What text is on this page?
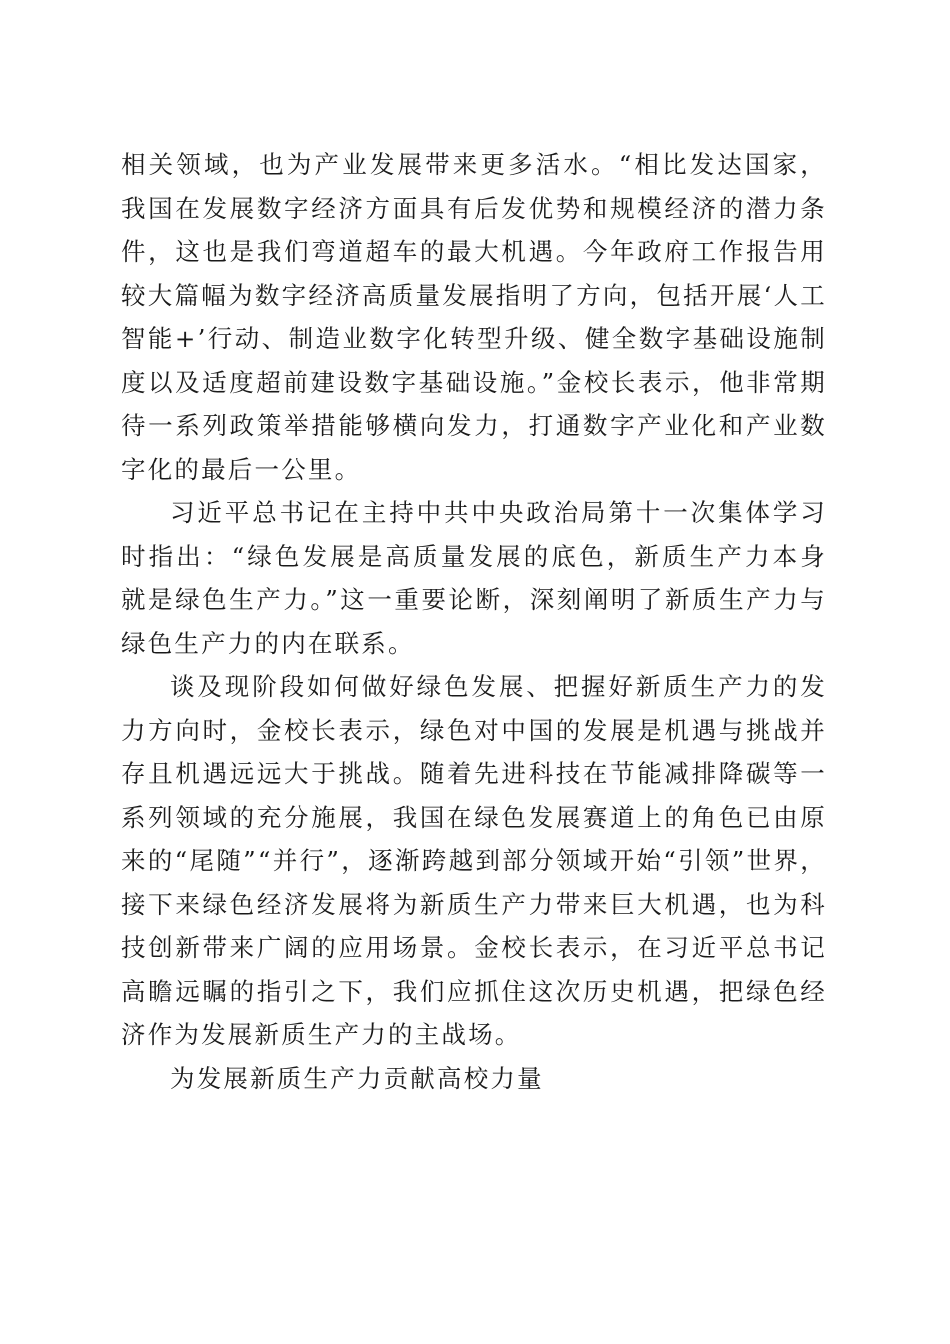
相关领域，也为产业发展带来更多活水。“相比发达国家，我国在发展数字经济方面具有后发优势和规模经济的潜力条件，这也是我们弯道超车的最大机遇。今年政府工作报告用较大篇幅为数字经济高质量发展指明了方向，包括开展‘人工智能+’行动、制造业数字化转型升级、健全数字基础设施制度以及适度超前建设数字基础设施。”金校长表示，他非常期待一系列政策举措能够横向发力，打通数字产业化和产业数字化的最后一公里。

习近平总书记在主持中共中央政治局第十一次集体学习时指出：“绿色发展是高质量发展的底色，新质生产力本身就是绿色生产力。”这一重要论断，深刻阐明了新质生产力与绿色生产力的内在联系。

谈及现阶段如何做好绿色发展、把握好新质生产力的发力方向时，金校长表示，绿色对中国的发展是机遇与挑战并存且机遇远远大于挑战。随着先进科技在节能减排降碳等一系列领域的充分施展，我国在绿色发展赛道上的角色已由原来的“尾随”“并行”，逐渐跨越到部分领域开始“引领”世界，接下来绿色经济发展将为新质生产力带来巨大机遇，也为科技创新带来广阔的应用场景。金校长表示，在习近平总书记高瞻远瞩的指引之下，我们应抓住这次历史机遇，把绿色经济作为发展新质生产力的主战场。

为发展新质生产力贡献高校力量
